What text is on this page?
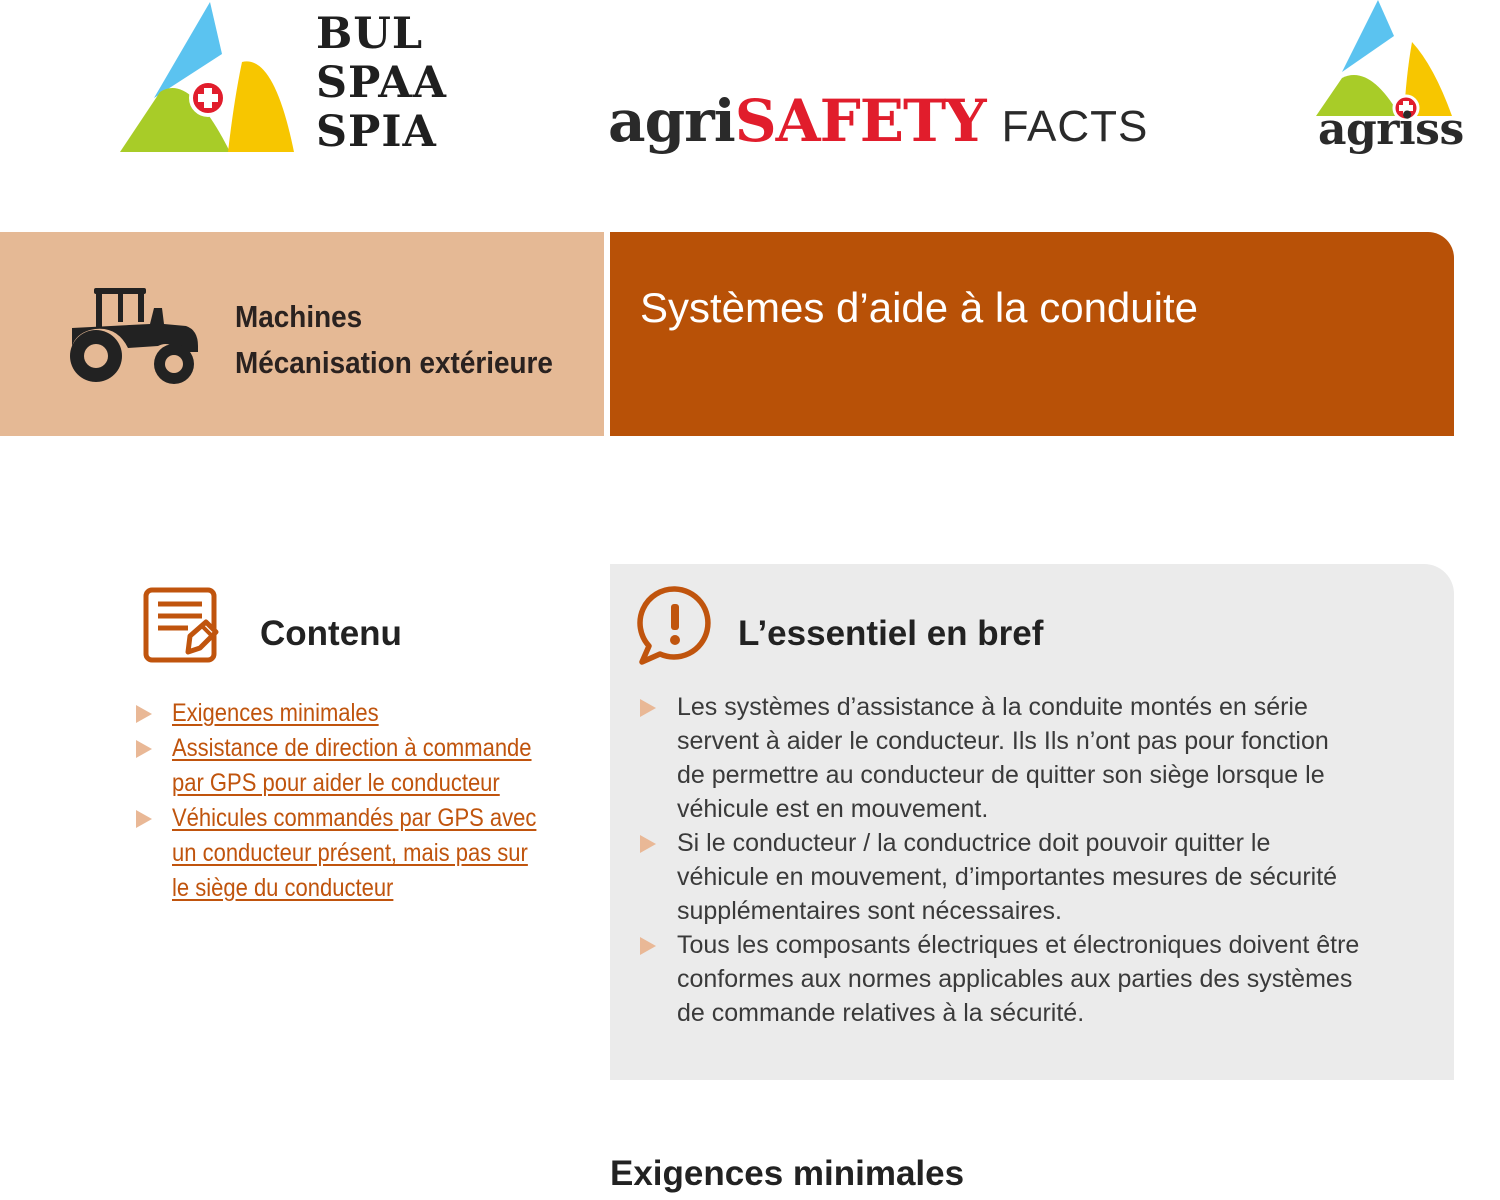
BUL
SPAA
SPIA	agriSAFETY FACTS	agriss
Machines
Mécanisation extérieure
Systèmes d’aide à la conduite
Contenu
Exigences minimales
Assistance de direction à commande
par GPS pour aider le conducteur
Véhicules commandés par GPS avec
un conducteur présent, mais pas sur
le siège du conducteur
L’essentiel en bref
Les systèmes d’assistance à la conduite montés en série
servent à aider le conducteur. Ils Ils n’ont pas pour fonction
de permettre au conducteur de quitter son siège lorsque le
véhicule est en mouvement.
Si le conducteur / la conductrice doit pouvoir quitter le
véhicule en mouvement, d’importantes mesures de sécurité
supplémentaires sont nécessaires.
Tous les composants électriques et électroniques doivent être
conformes aux normes applicables aux parties des systèmes
de commande relatives à la sécurité.
Exigences minimales
